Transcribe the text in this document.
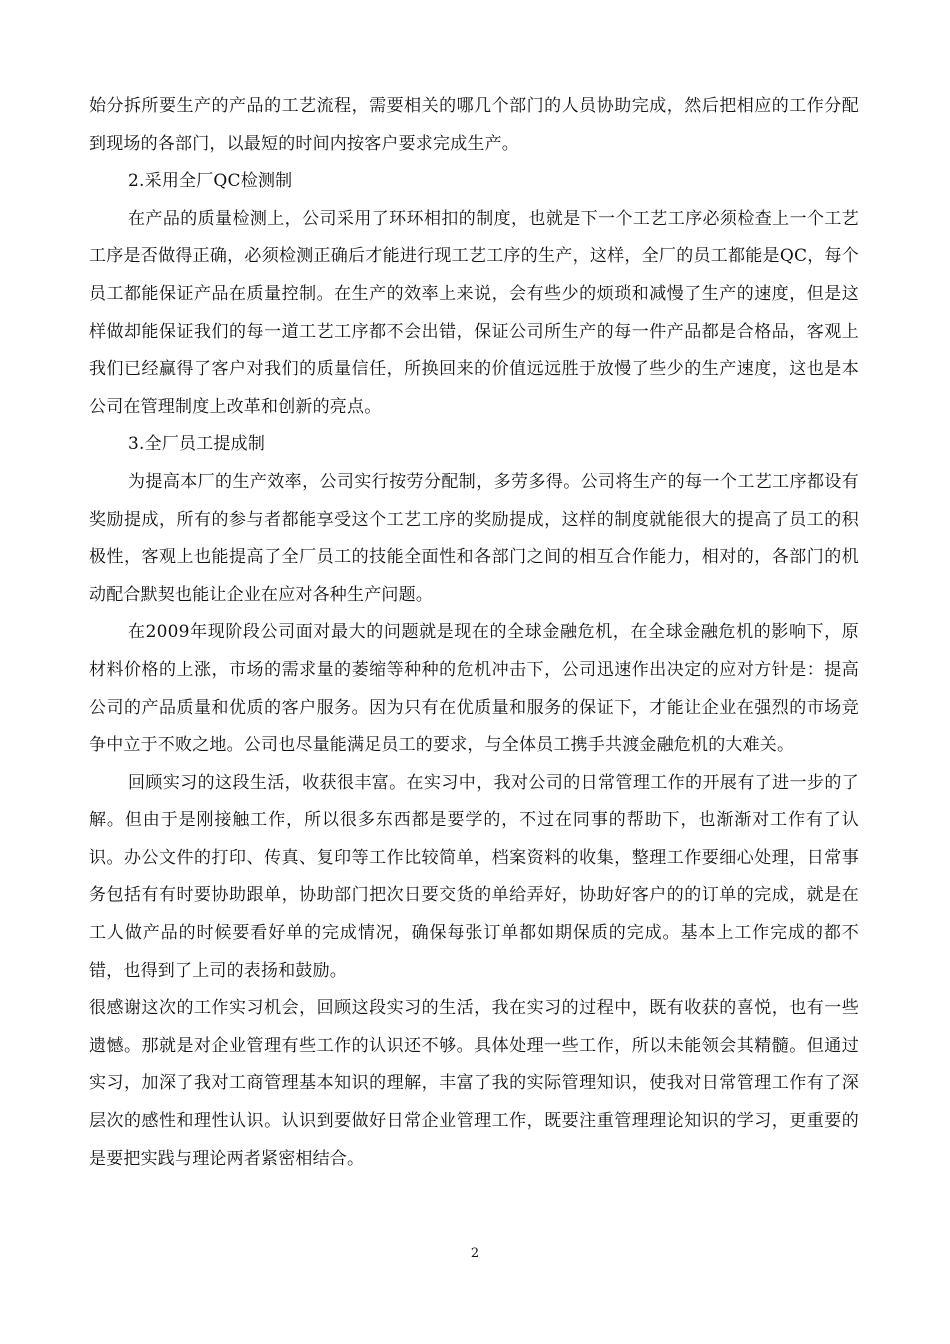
始分拆所要生产的产品的工艺流程，需要相关的哪几个部门的人员协助完成，然后把相应的工作分配到现场的各部门，以最短的时间内按客户要求完成生产。

2.采用全厂QC检测制

在产品的质量检测上，公司采用了环环相扣的制度，也就是下一个工艺工序必须检查上一个工艺工序是否做得正确，必须检测正确后才能进行现工艺工序的生产，这样，全厂的员工都能是QC，每个员工都能保证产品在质量控制。在生产的效率上来说，会有些少的烦琐和减慢了生产的速度，但是这样做却能保证我们的每一道工艺工序都不会出错，保证公司所生产的每一件产品都是合格品，客观上我们已经赢得了客户对我们的质量信任，所换回来的价值远远胜于放慢了些少的生产速度，这也是本公司在管理制度上改革和创新的亮点。

3.全厂员工提成制

为提高本厂的生产效率，公司实行按劳分配制，多劳多得。公司将生产的每一个工艺工序都设有奖励提成，所有的参与者都能享受这个工艺工序的奖励提成，这样的制度就能很大的提高了员工的积极性，客观上也能提高了全厂员工的技能全面性和各部门之间的相互合作能力，相对的，各部门的机动配合默契也能让企业在应对各种生产问题。

在2009年现阶段公司面对最大的问题就是现在的全球金融危机，在全球金融危机的影响下，原材料价格的上涨，市场的需求量的萎缩等种种的危机冲击下，公司迅速作出决定的应对方针是：提高公司的产品质量和优质的客户服务。因为只有在优质量和服务的保证下，才能让企业在强烈的市场竞争中立于不败之地。公司也尽量能满足员工的要求，与全体员工携手共渡金融危机的大难关。

回顾实习的这段生活，收获很丰富。在实习中，我对公司的日常管理工作的开展有了进一步的了解。但由于是刚接触工作，所以很多东西都是要学的，不过在同事的帮助下，也渐渐对工作有了认识。办公文件的打印、传真、复印等工作比较简单，档案资料的收集，整理工作要细心处理，日常事务包括有有时要协助跟单，协助部门把次日要交货的单给弄好，协助好客户的的订单的完成，就是在工人做产品的时候要看好单的完成情况，确保每张订单都如期保质的完成。基本上工作完成的都不错，也得到了上司的表扬和鼓励。

很感谢这次的工作实习机会，回顾这段实习的生活，我在实习的过程中，既有收获的喜悦，也有一些遗憾。那就是对企业管理有些工作的认识还不够。具体处理一些工作，所以未能领会其精髓。但通过实习，加深了我对工商管理基本知识的理解，丰富了我的实际管理知识，使我对日常管理工作有了深层次的感性和理性认识。认识到要做好日常企业管理工作，既要注重管理理论知识的学习，更重要的是要把实践与理论两者紧密相结合。

2
